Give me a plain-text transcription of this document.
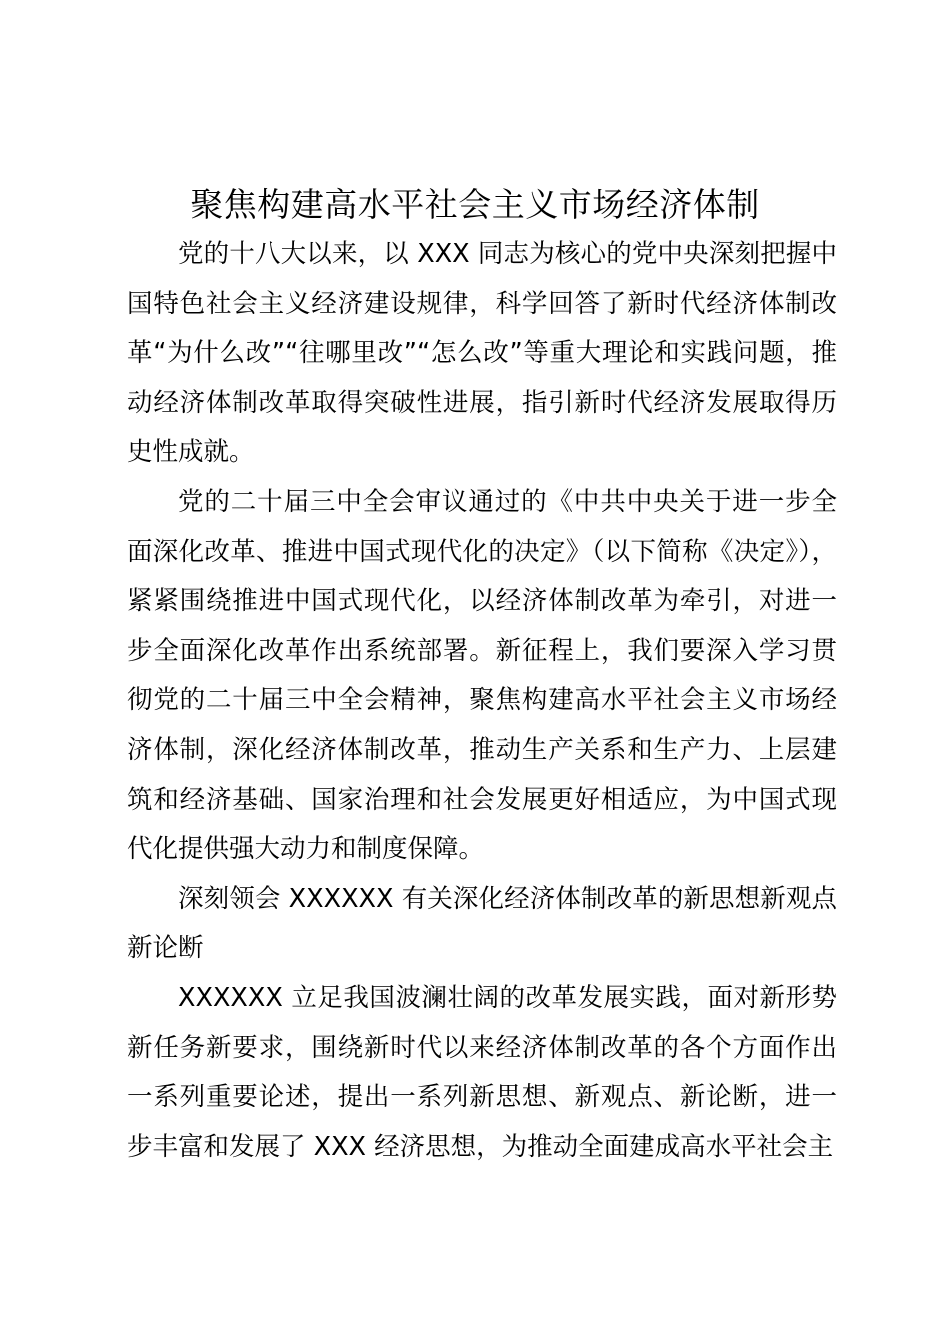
聚焦构建高水平社会主义市场经济体制

党的十八大以来，以 XXX 同志为核心的党中央深刻把握中国特色社会主义经济建设规律，科学回答了新时代经济体制改革“为什么改”“往哪里改”“怎么改”等重大理论和实践问题，推动经济体制改革取得突破性进展，指引新时代经济发展取得历史性成就。

党的二十届三中全会审议通过的《中共中央关于进一步全面深化改革、推进中国式现代化的决定》（以下简称《决定》），紧紧围绕推进中国式现代化，以经济体制改革为牵引，对进一步全面深化改革作出系统部署。新征程上，我们要深入学习贯彻党的二十届三中全会精神，聚焦构建高水平社会主义市场经济体制，深化经济体制改革，推动生产关系和生产力、上层建筑和经济基础、国家治理和社会发展更好相适应，为中国式现代化提供强大动力和制度保障。

深刻领会 XXXXXX 有关深化经济体制改革的新思想新观点新论断

XXXXXX 立足我国波澜壮阔的改革发展实践，面对新形势新任务新要求，围绕新时代以来经济体制改革的各个方面作出一系列重要论述，提出一系列新思想、新观点、新论断，进一步丰富和发展了 XXX 经济思想，为推动全面建成高水平社会主
